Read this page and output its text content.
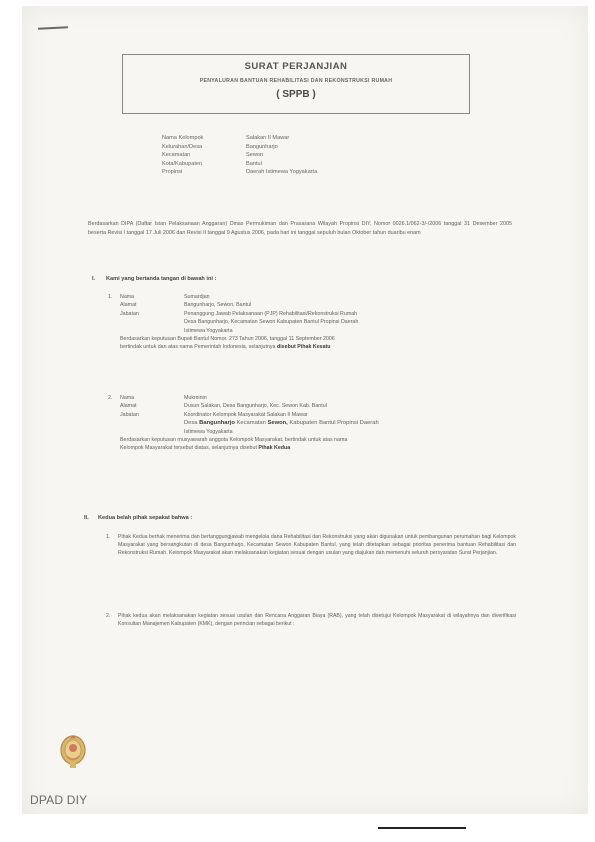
SURAT PERJANJIAN
PENYALURAN BANTUAN REHABILITASI DAN REKONSTRUKSI RUMAH
( SPPB )
Nama Kelompok	Salakan II Mawar
Kelurahan/Desa	Bangunharjo
Kecamatan	Sewon
Kota/Kabupaten	Bantul
Propinsi	Daerah Istimewa Yogyakarta
Berdasarkan DIPA (Daftar Isian Pelaksanaan Anggaran) Dinas Permukiman dan Prasarana Wilayah Propinsi DIY, Nomor 0026.1/062-3/-/2006 tanggal 31 Desember 2005 beserta Revisi I tanggal 17 Juli 2006 dan Revisi II tanggal 9 Agustus 2006, pada hari ini tanggal sepuluh bulan Oktober tahun duaribu enam
I. Kami yang bertanda tangan di bawah ini :
1. Nama	Sumardjan
Alamat	Bangunharjo, Sewon, Bantul
Jabatan	Penanggung Jawab Pelaksanaan (PJP) Rehabilitasi/Rekonstruksi Rumah
Desa Bangunharjo, Kecamatan Sewon Kabupaten Bantul Propinsi Daerah
Istimewa Yogyakarta
Berdasarkan keputusan Bupati Bantul Nomor. 273 Tahun 2006, tanggal 11 September 2006
bertindak untuk dan atas nama Pemerintah Indonesia, selanjutnya disebut Pihak Kesatu
2. Nama	Mukminin
Alamat	Dusun Salakan, Desa Bangunharjo, Kec. Sewon Kab. Bantul
Jabatan	Koordinator Kelompok Masyarakat Salakan II Mawar
Desa Bangunharjo Kecamatan Sewon, Kabupaten Bantul Propinsi Daerah
Istimewa Yogyakarta
Berdasarkan keputusan musyawarah anggota Kelompok Masyarakat, bertindak untuk atas nama
Kelompok Masyarakat tersebut diatas, selanjutnya disebut Pihak Kedua
II. Kedua belah pihak sepakat bahwa :
1. Pihak Kedua berhak menerima dan bertanggungjawab mengelola dana Rehabilitasi dan Rekonstruksi yang akan digunakan untuk pembangunan perumahan bagi Kelompok Masyarakat yang bersangkutan di desa Bangunharjo, Kecamatan Sewon Kabupaten Bantul, yang telah ditetapkan sebagai prioritas penerima bantuan Rehabilitasi dan Rekonstruksi Rumah. Kelompok Masyarakat akan melaksanakan kegiatan sesuai dengan usulan yang diajukan dan memenuhi seluruh persyaratan Surat Perjanjian.
2. Pihak kedua akan melaksanakan kegiatan sesuai usulan dan Rencana Anggaran Biaya (RAB), yang telah disetujui Kelompok Masyarakat di wilayahnya dan diverifikasi Konsultan Manajemen Kabupaten (KMK), dengan perincian sebagai berikut :
DPAD DIY
